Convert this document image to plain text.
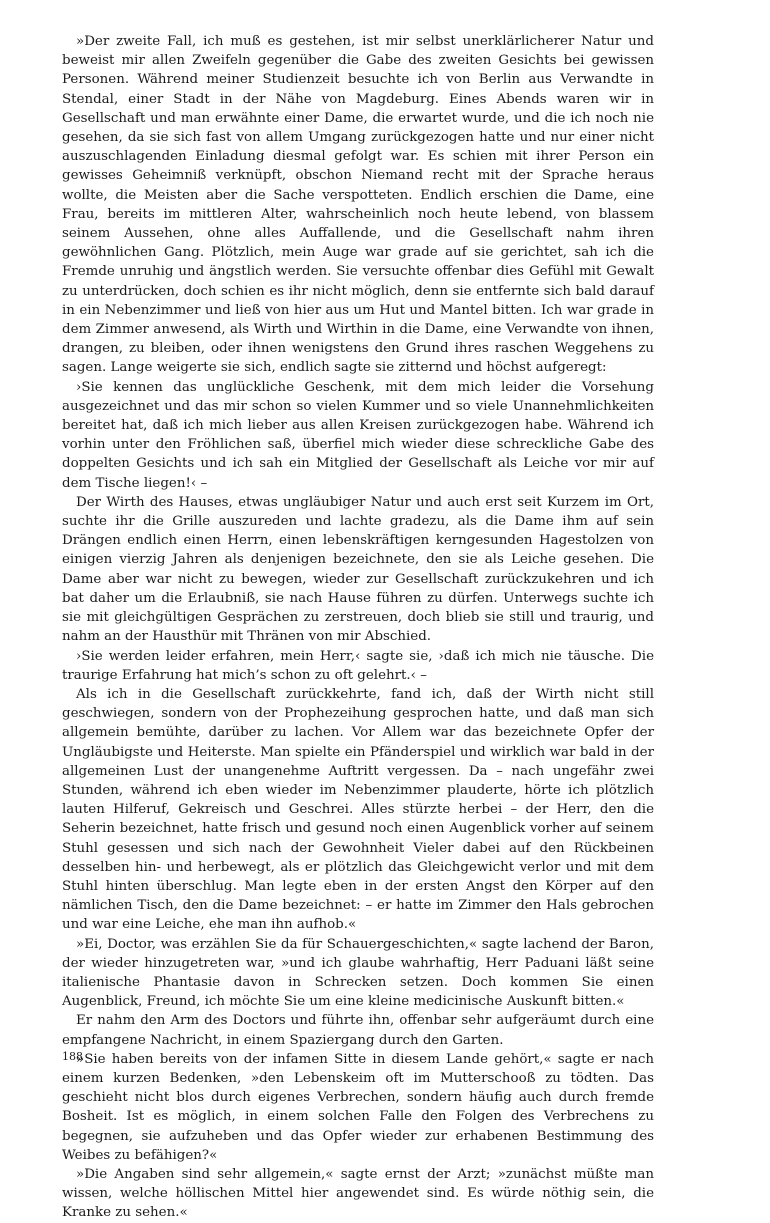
»Der zweite Fall, ich muß es gestehen, ist mir selbst unerklärlicherer Natur und beweist mir allen Zweifeln gegenüber die Gabe des zweiten Gesichts bei gewissen Personen. Während meiner Studienzeit besuchte ich von Berlin aus Verwandte in Stendal, einer Stadt in der Nähe von Magdeburg. Eines Abends waren wir in Gesellschaft und man erwähnte einer Dame, die erwartet wurde, und die ich noch nie gesehen, da sie sich fast von allem Umgang zurückgezogen hatte und nur einer nicht auszuschlagenden Einladung diesmal gefolgt war. Es schien mit ihrer Person ein gewisses Geheimniß verknüpft, obschon Niemand recht mit der Sprache heraus wollte, die Meisten aber die Sache verspotteten. Endlich erschien die Dame, eine Frau, bereits im mittleren Alter, wahrscheinlich noch heute lebend, von blassem seinem Aussehen, ohne alles Auffallende, und die Gesellschaft nahm ihren gewöhnlichen Gang. Plötzlich, mein Auge war grade auf sie gerichtet, sah ich die Fremde unruhig und ängstlich werden. Sie versuchte offenbar dies Gefühl mit Gewalt zu unterdrücken, doch schien es ihr nicht möglich, denn sie entfernte sich bald darauf in ein Nebenzimmer und ließ von hier aus um Hut und Mantel bitten. Ich war grade in dem Zimmer anwesend, als Wirth und Wirthin in die Dame, eine Verwandte von ihnen, drangen, zu bleiben, oder ihnen wenigstens den Grund ihres raschen Weggehens zu sagen. Lange weigerte sie sich, endlich sagte sie zitternd und höchst aufgeregt:

›Sie kennen das unglückliche Geschenk, mit dem mich leider die Vorsehung ausgezeichnet und das mir schon so vielen Kummer und so viele Unannehmlichkeiten bereitet hat, daß ich mich lieber aus allen Kreisen zurückgezogen habe. Während ich vorhin unter den Fröhlichen saß, überfiel mich wieder diese schreckliche Gabe des doppelten Gesichts und ich sah ein Mitglied der Gesellschaft als Leiche vor mir auf dem Tische liegen!‹ –

Der Wirth des Hauses, etwas ungläubiger Natur und auch erst seit Kurzem im Ort, suchte ihr die Grille auszureden und lachte gradezu, als die Dame ihm auf sein Drängen endlich einen Herrn, einen lebenskräftigen kerngesunden Hagestolzen von einigen vierzig Jahren als denjenigen bezeichnete, den sie als Leiche gesehen. Die Dame aber war nicht zu bewegen, wieder zur Gesellschaft zurückzukehren und ich bat daher um die Erlaubniß, sie nach Hause führen zu dürfen. Unterwegs suchte ich sie mit gleichgültigen Gesprächen zu zerstreuen, doch blieb sie still und traurig, und nahm an der Hausthür mit Thränen von mir Abschied.

›Sie werden leider erfahren, mein Herr,‹ sagte sie, ›daß ich mich nie täusche. Die traurige Erfahrung hat mich’s schon zu oft gelehrt.‹ –

Als ich in die Gesellschaft zurückkehrte, fand ich, daß der Wirth nicht still geschwiegen, sondern von der Prophezeihung gesprochen hatte, und daß man sich allgemein bemühte, darüber zu lachen. Vor Allem war das bezeichnete Opfer der Ungläubigste und Heiterste. Man spielte ein Pfänderspiel und wirklich war bald in der allgemeinen Lust der unangenehme Auftritt vergessen. Da – nach ungefähr zwei Stunden, während ich eben wieder im Nebenzimmer plauderte, hörte ich plötzlich lauten Hilferuf, Gekreisch und Geschrei. Alles stürzte herbei – der Herr, den die Seherin bezeichnet, hatte frisch und gesund noch einen Augenblick vorher auf seinem Stuhl gesessen und sich nach der Gewohnheit Vieler dabei auf den Rückbeinen desselben hin- und herbewegt, als er plötzlich das Gleichgewicht verlor und mit dem Stuhl hinten überschlug. Man legte eben in der ersten Angst den Körper auf den nämlichen Tisch, den die Dame bezeichnet: – er hatte im Zimmer den Hals gebrochen und war eine Leiche, ehe man ihn aufhob.«

»Ei, Doctor, was erzählen Sie da für Schauergeschichten,« sagte lachend der Baron, der wieder hinzugetreten war, »und ich glaube wahrhaftig, Herr Paduani läßt seine italienische Phantasie davon in Schrecken setzen. Doch kommen Sie einen Augenblick, Freund, ich möchte Sie um eine kleine medicinische Auskunft bitten.«

Er nahm den Arm des Doctors und führte ihn, offenbar sehr aufgeräumt durch eine empfangene Nachricht, in einem Spaziergang durch den Garten.

»Sie haben bereits von der infamen Sitte in diesem Lande gehört,« sagte er nach einem kurzen Bedenken, »den Lebenskeim oft im Mutterschooß zu tödten. Das geschieht nicht blos durch eigenes Verbrechen, sondern häufig auch durch fremde Bosheit. Ist es möglich, in einem solchen Falle den Folgen des Verbrechens zu begegnen, sie aufzuheben und das Opfer wieder zur erhabenen Bestimmung des Weibes zu befähigen?«

»Die Angaben sind sehr allgemein,« sagte ernst der Arzt; »zunächst müßte man wissen, welche höllischen Mittel hier angewendet sind. Es würde nöthig sein, die Kranke zu sehen.«

188
